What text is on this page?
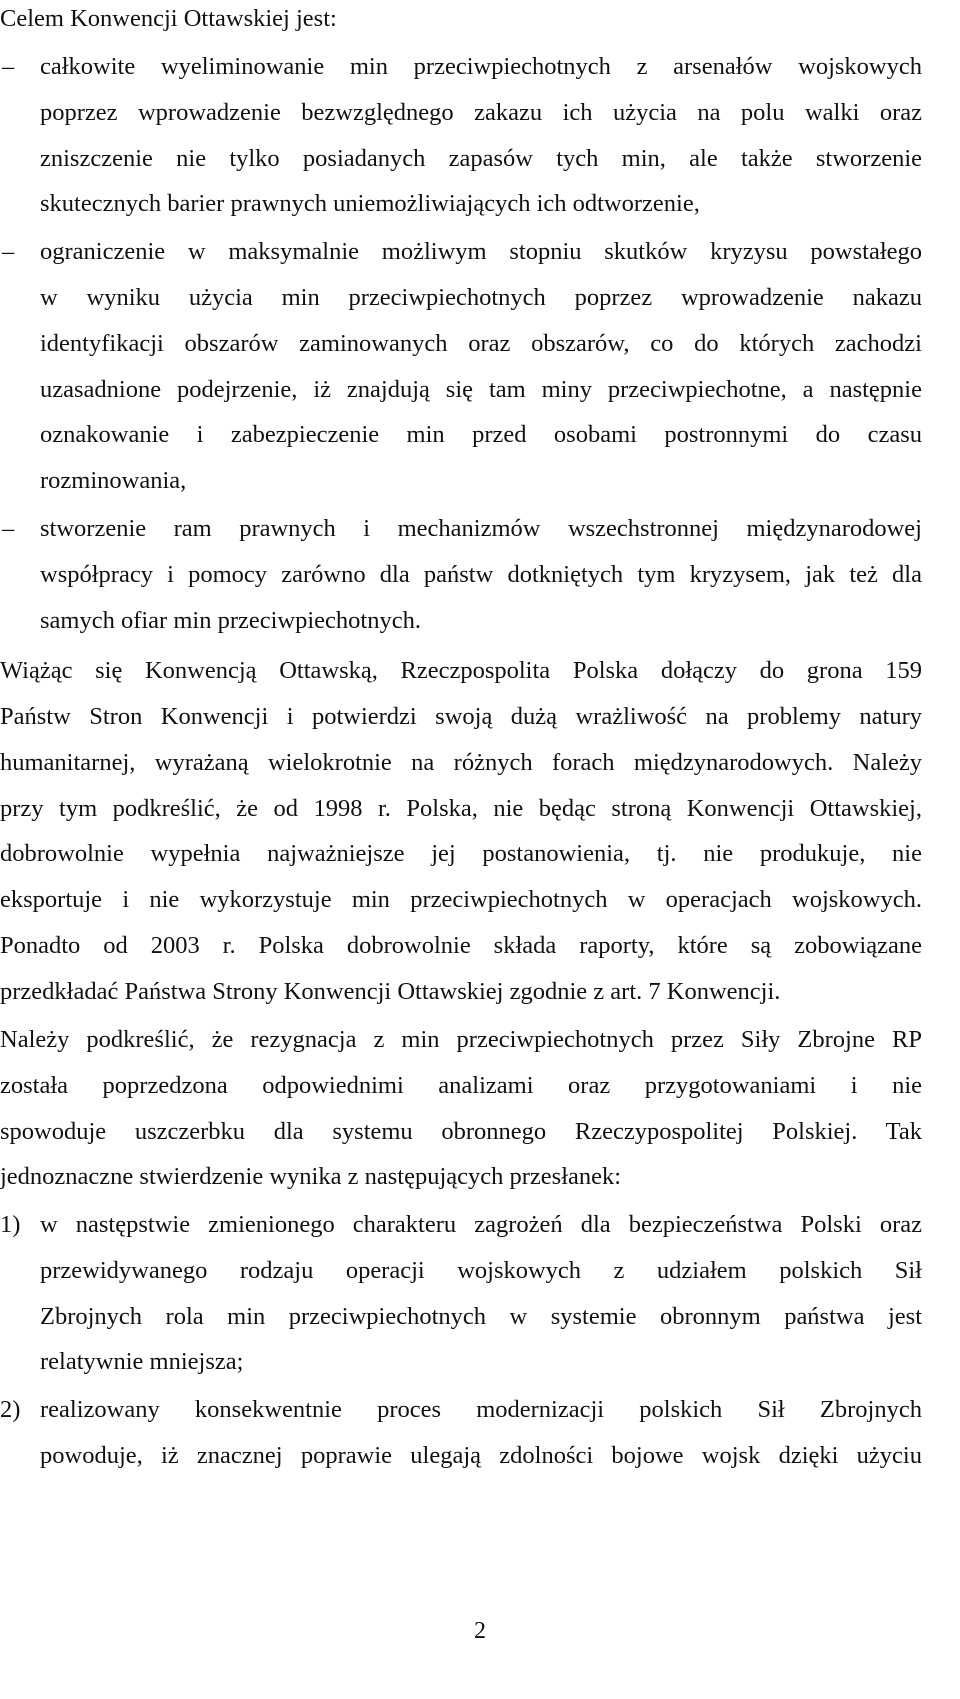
Celem Konwencji Ottawskiej jest:

– całkowite wyeliminowanie min przeciwpiechotnych z arsenałów wojskowych

poprzez wprowadzenie bezwzględnego zakazu ich użycia na polu walki oraz

zniszczenie nie tylko posiadanych zapasów tych min, ale także stworzenie

skutecznych barier prawnych uniemożliwiających ich odtworzenie,

– ograniczenie w maksymalnie możliwym stopniu skutków kryzysu powstałego

w wyniku użycia min przeciwpiechotnych poprzez wprowadzenie nakazu

identyfikacji obszarów zaminowanych oraz obszarów, co do których zachodzi

uzasadnione podejrzenie, iż znajdują się tam miny przeciwpiechotne, a następnie

oznakowanie i zabezpieczenie min przed osobami postronnymi do czasu

rozminowania,

– stworzenie ram prawnych i mechanizmów wszechstronnej międzynarodowej

współpracy i pomocy zarówno dla państw dotkniętych tym kryzysem, jak też dla

samych ofiar min przeciwpiechotnych.

Wiążąc się Konwencją Ottawską, Rzeczpospolita Polska dołączy do grona 159

Państw Stron Konwencji i potwierdzi swoją dużą wrażliwość na problemy natury

humanitarnej, wyrażaną wielokrotnie na różnych forach międzynarodowych. Należy

przy tym podkreślić, że od 1998 r. Polska, nie będąc stroną Konwencji Ottawskiej,

dobrowolnie wypełnia najważniejsze jej postanowienia, tj. nie produkuje, nie

eksportuje i nie wykorzystuje min przeciwpiechotnych w operacjach wojskowych.

Ponadto od 2003 r. Polska dobrowolnie składa raporty, które są zobowiązane

przedkładać Państwa Strony Konwencji Ottawskiej zgodnie z art. 7 Konwencji.

Należy podkreślić, że rezygnacja z min przeciwpiechotnych przez Siły Zbrojne RP

została poprzedzona odpowiednimi analizami oraz przygotowaniami i nie

spowoduje uszczerbku dla systemu obronnego Rzeczypospolitej Polskiej. Tak

jednoznaczne stwierdzenie wynika z następujących przesłanek:

1) w następstwie zmienionego charakteru zagrożeń dla bezpieczeństwa Polski oraz

przewidywanego rodzaju operacji wojskowych z udziałem polskich Sił

Zbrojnych rola min przeciwpiechotnych w systemie obronnym państwa jest

relatywnie mniejsza;

2) realizowany konsekwentnie proces modernizacji polskich Sił Zbrojnych

powoduje, iż znacznej poprawie ulegają zdolności bojowe wojsk dzięki użyciu

2
